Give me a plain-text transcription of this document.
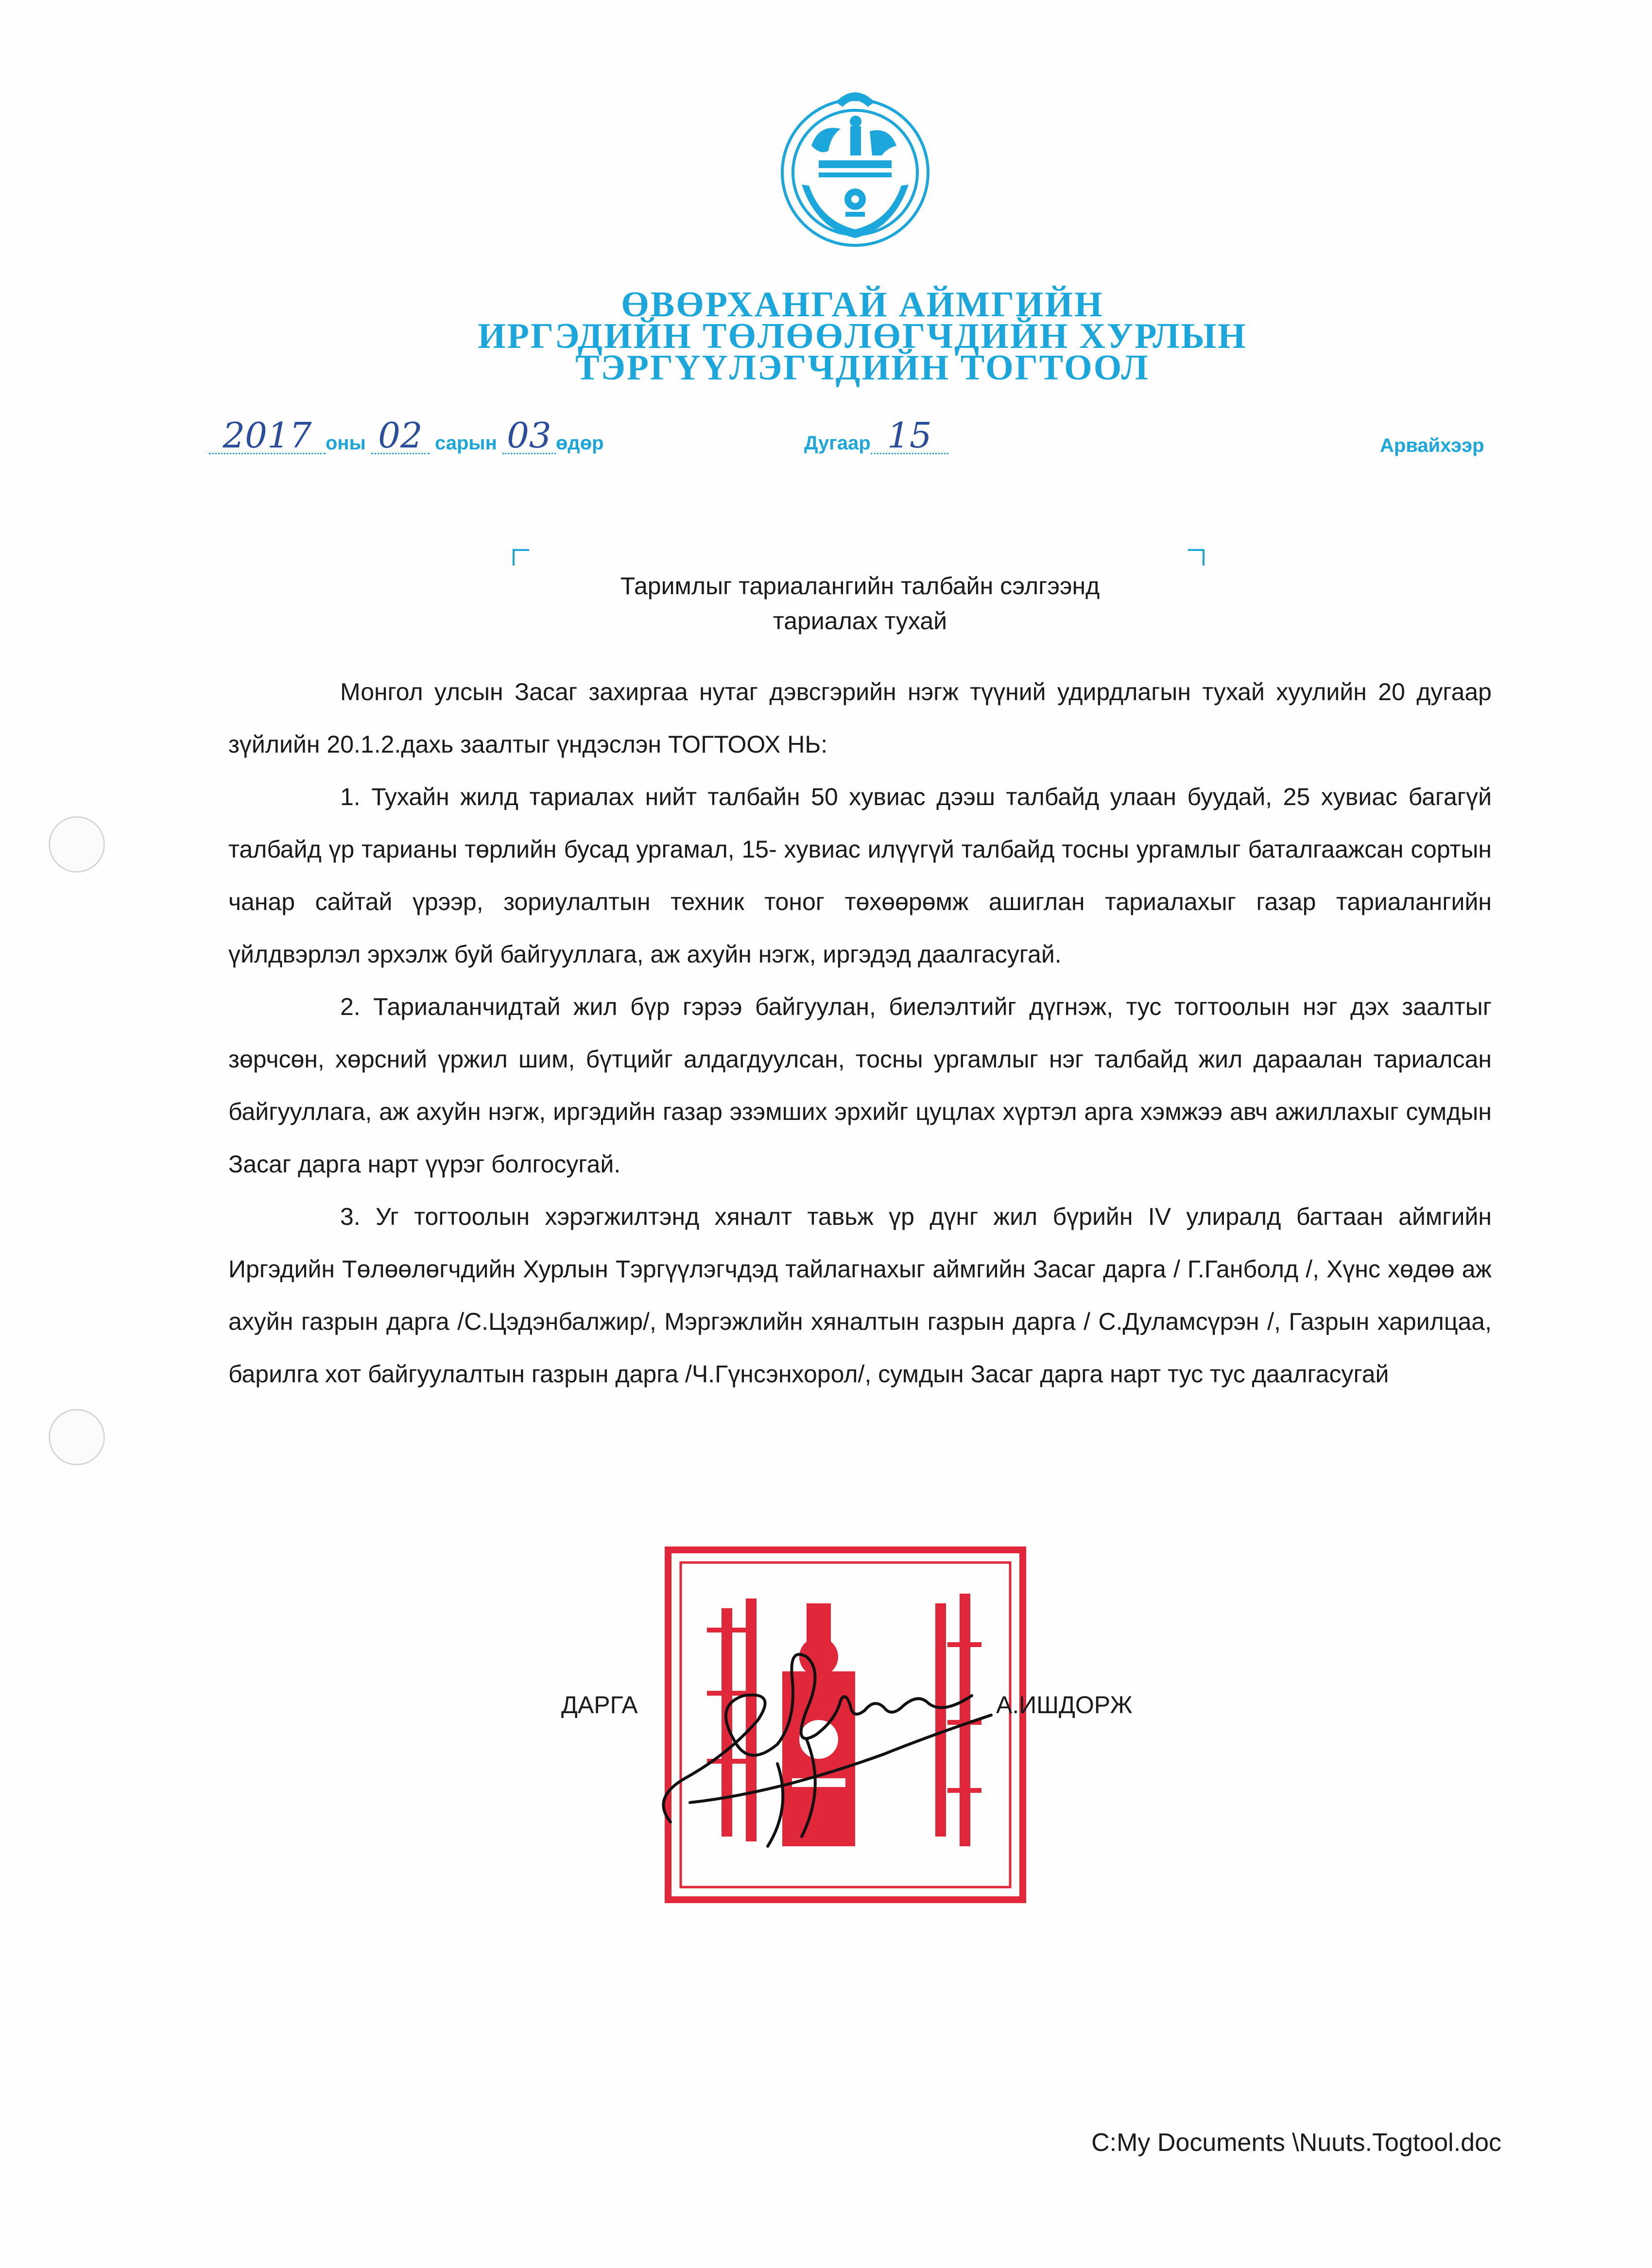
ӨВӨРХАНГАЙ АЙМГИЙН
ИРГЭДИЙН ТӨЛӨӨЛӨГЧДИЙН ХУРЛЫН
ТЭРГҮҮЛЭГЧДИЙН ТОГТООЛ
2017 оны 02 сарын 03 өдөр	Дугаар 15	Арвайхээр
Таримлыг тариалангийн талбайн сэлгээнд
тариалах тухай

Монгол улсын Засаг захиргаа нутаг дэвсгэрийн нэгж түүний удирдлагын тухай хуулийн 20 дугаар зүйлийн 20.1.2.дахь заалтыг үндэслэн ТОГТООХ НЬ:

1. Тухайн жилд тариалах нийт талбайн 50 хувиас дээш талбайд улаан буудай, 25 хувиас багагүй талбайд үр тарианы төрлийн бусад ургамал, 15- хувиас илүүгүй талбайд тосны ургамлыг баталгаажсан сортын чанар сайтай үрээр, зориулалтын техник тоног төхөөрөмж ашиглан тариалахыг газар тариалангийн үйлдвэрлэл эрхэлж буй байгууллага, аж ахуйн нэгж, иргэдэд даалгасугай.

2. Тариаланчидтай жил бүр гэрээ байгуулан, биелэлтийг дүгнэж, тус тогтоолын нэг дэх заалтыг зөрчсөн, хөрсний үржил шим, бүтцийг алдагдуулсан, тосны ургамлыг нэг талбайд жил дараалан тариалсан байгууллага, аж ахуйн нэгж, иргэдийн газар эзэмших эрхийг цуцлах хүртэл арга хэмжээ авч ажиллахыг сумдын Засаг дарга нарт үүрэг болгосугай.

3. Уг тогтоолын хэрэгжилтэнд хяналт тавьж үр дүнг жил бүрийн IV улиралд багтаан аймгийн Иргэдийн Төлөөлөгчдийн Хурлын Тэргүүлэгчдэд тайлагнахыг аймгийн Засаг дарга / Г.Ганболд /, Хүнс хөдөө аж ахуйн газрын дарга /С.Цэдэнбалжир/, Мэргэжлийн хяналтын газрын дарга / С.Дуламсүрэн /, Газрын харилцаа, барилга хот байгуулалтын газрын дарга /Ч.Гүнсэнхорол/, сумдын Засаг дарга нарт тус тус даалгасугай

ДАРГА	А.ИШДОРЖ
C:My Documents \Nuuts.Togtool.doc
